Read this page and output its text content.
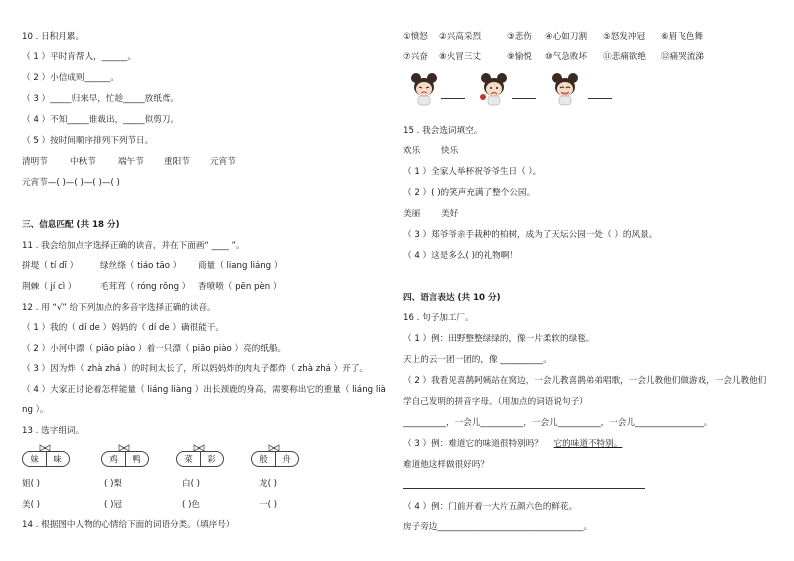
10 . 日积月累。
（ 1 ）平时肯帮人，______。
（ 2 ）小信成则______。
（ 3 ）_____归来早，忙趁_____放纸鸢。
（ 4 ）不知_____谁裁出，_____似剪刀。
（ 5 ）按时间顺序排列下列节日。
清明节	中秋节	端午节 重阳节 元宵节
元宵节—( )—( )—( )—( )
三、信息匹配 (共 18 分)
11 . 我会给加点字选择正确的读音，并在下面画“ ____ ”。
拼堤（ tí dī ）	绿丝绦（ tiáo tāo ） 商量（ liang liáng ）
荆棘（ jí cì ）	毛茸茸（ róng rǒng ） 香喷喷（ pēn pèn ）
12 . 用 “√” 给下列加点的多音字选择正确的读音。
（ 1 ）我的（ dí de ）妈妈的（ dí de ）确很能干。
（ 2 ）小河中漂（ piāo piào ）着一只漂（ piāo piào ）亮的纸船。
（ 3 ）因为炸（ zhà zhá ）的时间太长了，所以妈妈炸的肉丸子都炸（ zhà zhá ）开了。
（ 4 ）大家正讨论着怎样能量（ liáng liàng ）出长颈鹿的身高，需要称出它的重量（ liáng lià
ng ）。
13 . 选字组词。
妹 味	鸡 鸭	菜 彩	般 舟
姐( )	( )梨	白( )	龙( )
美( )	( )冠	( )色	一( )
14 . 根据图中人物的心情给下面的词语分类。（填序号）
①愤怒 ②兴高采烈	③悲伤 ④心如刀割 ⑤怒发冲冠 ⑥眉飞色舞
⑦兴奋 ⑧火冒三丈	⑨愉悦 ⑩气急败坏 ⑪悲痛欲绝 ⑫痛哭流涕
15 . 我会选词填空。
欢乐 快乐
（ 1 ）全家人举杯祝爷爷生日（ ）。
（ 2 ）( )的笑声充满了整个公园。
美丽 美好
（ 3 ）郑爷爷亲手栽种的柏树，成为了天坛公园一处（ ）的风景。
（ 4 ）这是多么( )的礼物啊！
四、语言表达 (共 10 分)
16 . 句子加工厂。
（ 1 ）例：田野整整绿绿的，像一片柔软的绿毯。
天上的云一团一团的，像 __________。
（ 2 ）我看见喜鹊阿姨站在窝边，一会儿教喜鹊弟弟唱歌，一会儿教他们做游戏，一会儿教他们
学自己发明的拼音字母。（用加点的词语说句子）
__________，一会儿__________，一会儿__________，一会儿________________。
（ 3 ）例：难道它的味道很特别吗？ 它的味道不特别。
难道他这样做很好吗？
（ 4 ）例：门前开着一大片五颜六色的鲜花。
房子旁边__________________________________。
